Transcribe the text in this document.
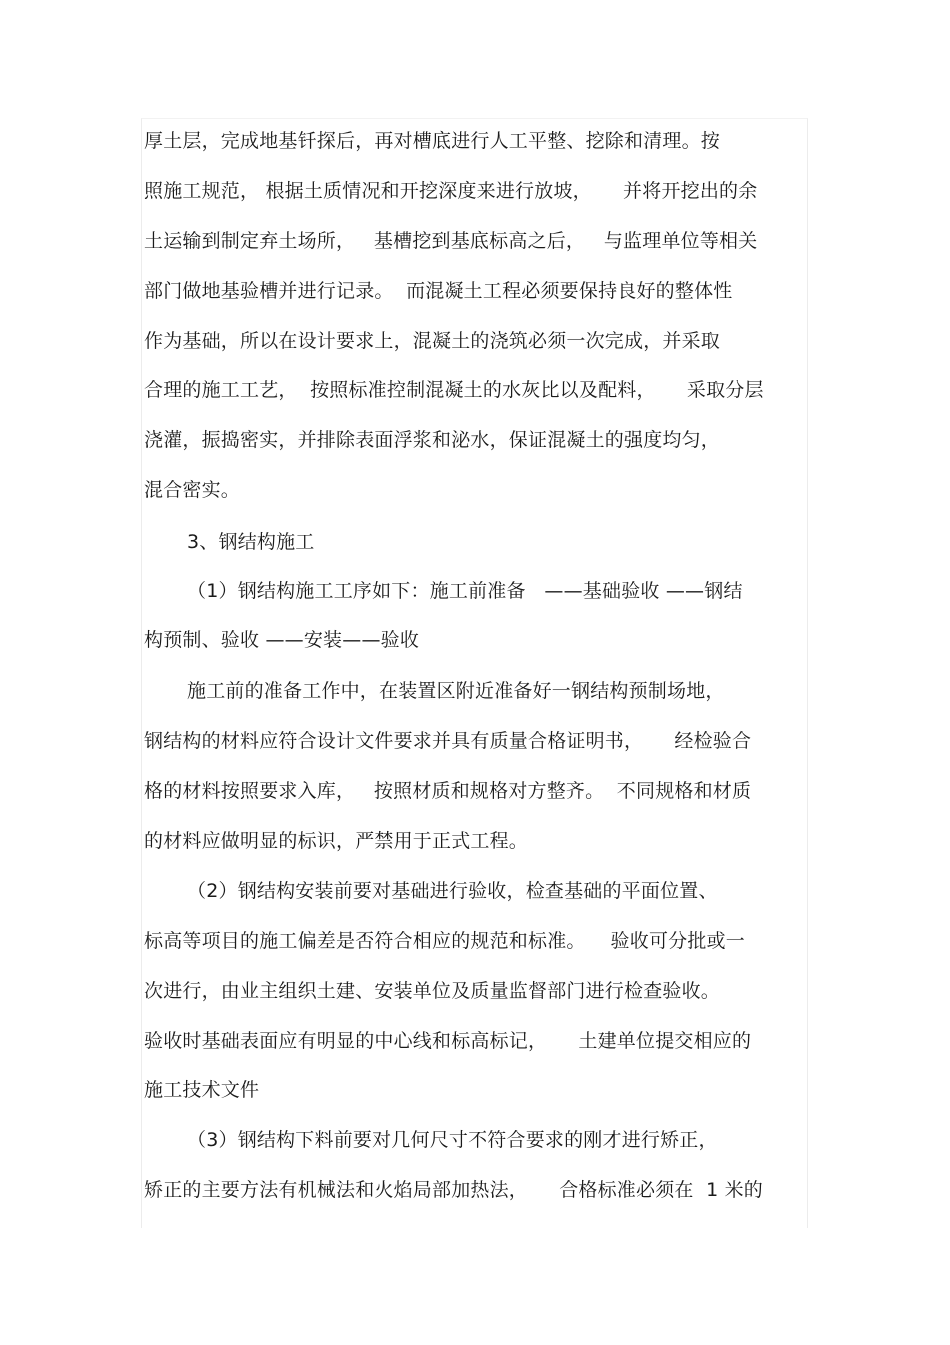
厚土层，完成地基钎探后，再对槽底进行人工平整、挖除和清理。按
照施工规范， 根据土质情况和开挖深度来进行放坡，     并将开挖出的余
土运输到制定弃土场所，   基槽挖到基底标高之后，   与监理单位等相关
部门做地基验槽并进行记录。  而混凝土工程必须要保持良好的整体性
作为基础，所以在设计要求上，混凝土的浇筑必须一次完成，并采取
合理的施工工艺，  按照标准控制混凝土的水灰比以及配料，     采取分层
浇灌，振捣密实，并排除表面浮浆和泌水，保证混凝土的强度均匀，
混合密实。
3、钢结构施工
（1）钢结构施工工序如下：施工前准备   ——基础验收 ——钢结
构预制、验收 ——安装——验收
施工前的准备工作中，在装置区附近准备好一钢结构预制场地，
钢结构的材料应符合设计文件要求并具有质量合格证明书，     经检验合
格的材料按照要求入库，   按照材质和规格对方整齐。  不同规格和材质
的材料应做明显的标识，严禁用于正式工程。
（2）钢结构安装前要对基础进行验收，检查基础的平面位置、
标高等项目的施工偏差是否符合相应的规范和标准。    验收可分批或一
次进行，由业主组织土建、安装单位及质量监督部门进行检查验收。
验收时基础表面应有明显的中心线和标高标记，     土建单位提交相应的
施工技术文件
（3）钢结构下料前要对几何尺寸不符合要求的刚才进行矫正，
矫正的主要方法有机械法和火焰局部加热法，     合格标准必须在  1 米的
